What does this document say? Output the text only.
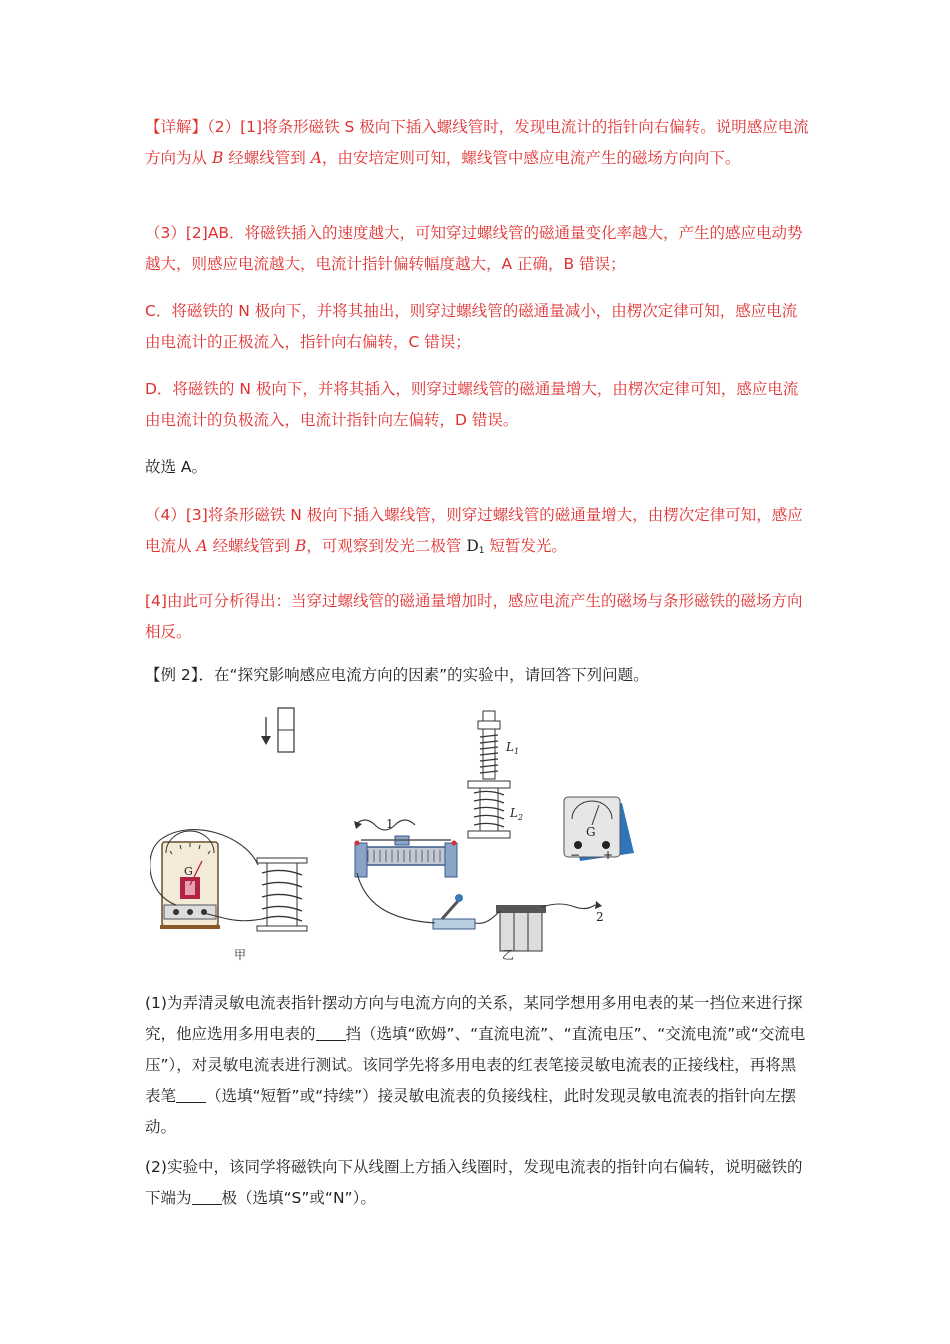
【详解】（2）[1]将条形磁铁 S 极向下插入螺线管时，发现电流计的指针向右偏转。说明感应电流方向为从 B 经螺线管到 A，由安培定则可知，螺线管中感应电流产生的磁场方向向下。

（3）[2]AB．将磁铁插入的速度越大，可知穿过螺线管的磁通量变化率越大，产生的感应电动势越大，则感应电流越大，电流计指针偏转幅度越大，A 正确，B 错误；

C．将磁铁的 N 极向下，并将其抽出，则穿过螺线管的磁通量减小，由楞次定律可知，感应电流由电流计的正极流入，指针向右偏转，C 错误；

D．将磁铁的 N 极向下，并将其插入，则穿过螺线管的磁通量增大，由楞次定律可知，感应电流由电流计的负极流入，电流计指针向左偏转，D 错误。

故选 A。

（4）[3]将条形磁铁 N 极向下插入螺线管，则穿过螺线管的磁通量增大，由楞次定律可知，感应电流从 A 经螺线管到 B，可观察到发光二极管 $D_1$ 短暂发光。

[4]由此可分析得出：当穿过螺线管的磁通量增加时，感应电流产生的磁场与条形磁铁的磁场方向相反。

【例 2】．在“探究影响感应电流方向的因素”的实验中，请回答下列问题。

G
甲
$L_1$
$L_2$
1
2
G
− +
乙

(1)为弄清灵敏电流表指针摆动方向与电流方向的关系，某同学想用多用电表的某一挡位来进行探究，他应选用多用电表的 挡（选填“欧姆”、“直流电流”、“直流电压”、“交流电流”或“交流电压”），对灵敏电流表进行测试。该同学先将多用电表的红表笔接灵敏电流表的正接线柱，再将黑表笔 （选填“短暂”或“持续”）接灵敏电流表的负接线柱，此时发现灵敏电流表的指针向左摆动。

(2)实验中，该同学将磁铁向下从线圈上方插入线圈时，发现电流表的指针向右偏转，说明磁铁的下端为 极（选填“S”或“N”）。
